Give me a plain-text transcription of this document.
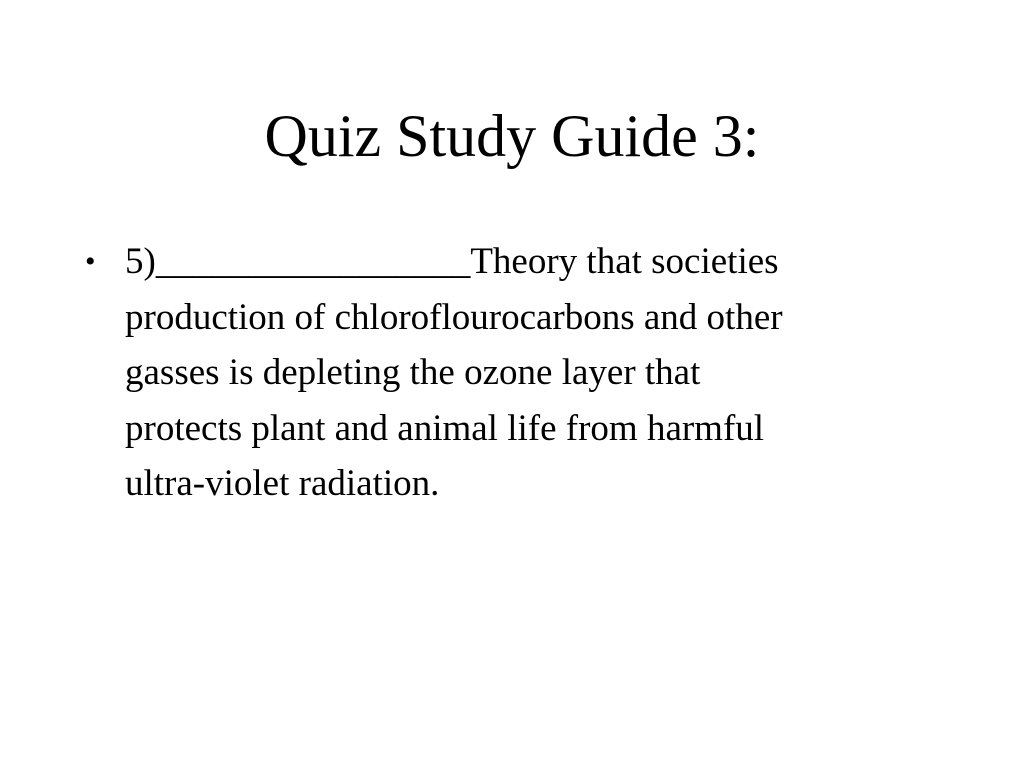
Quiz Study Guide 3:
• 5)_________________Theory that societies
production of chloroflourocarbons and other
gasses is depleting the ozone layer that
protects plant and animal life from harmful
ultra-violet radiation.
